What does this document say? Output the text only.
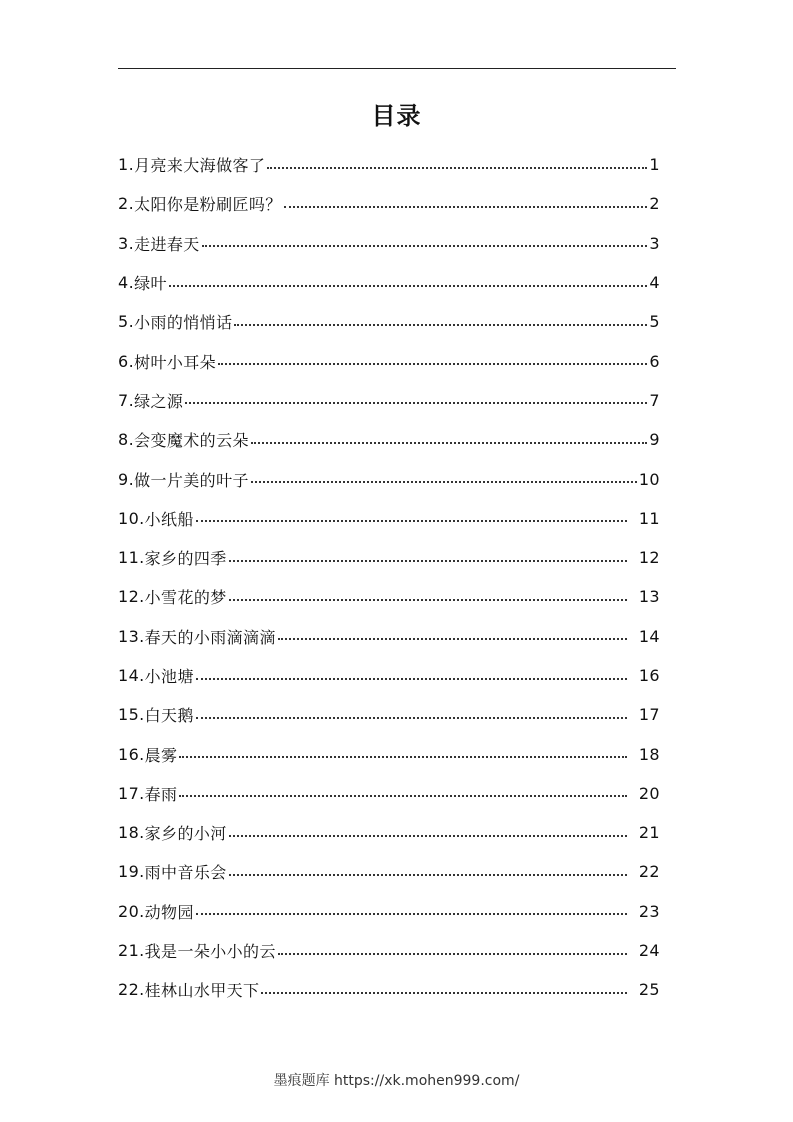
目录
1. 月亮来大海做客了	1
2. 太阳你是粉刷匠吗？	2
3. 走进春天	3
4. 绿叶	4
5. 小雨的悄悄话	5
6. 树叶小耳朵	6
7. 绿之源	7
8. 会变魔术的云朵	9
9. 做一片美的叶子	10
10. 小纸船	11
11. 家乡的四季	12
12. 小雪花的梦	13
13. 春天的小雨滴滴滴	14
14. 小池塘	16
15. 白天鹅	17
16. 晨雾	18
17. 春雨	20
18. 家乡的小河	21
19. 雨中音乐会	22
20. 动物园	23
21. 我是一朵小小的云	24
22. 桂林山水甲天下	25
墨痕题库 https://xk.mohen999.com/
